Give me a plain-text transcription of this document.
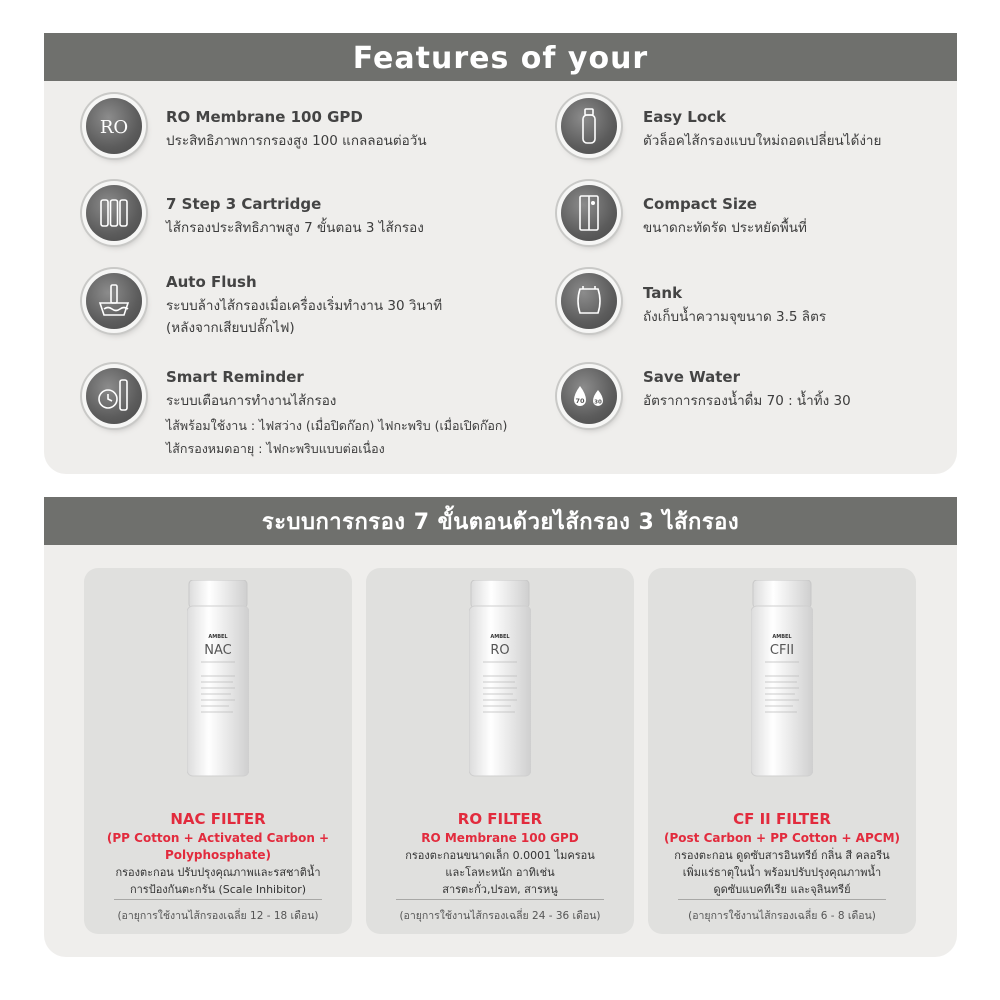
Features of your
RO	RO Membrane 100 GPD
ประสิทธิภาพการกรองสูง 100 แกลลอนต่อวัน
7 Step 3 Cartridge
ไส้กรองประสิทธิภาพสูง 7 ขั้นตอน 3 ไส้กรอง
Auto Flush
ระบบล้างไส้กรองเมื่อเครื่องเริ่มทำงาน 30 วินาที
(หลังจากเสียบปลั๊กไฟ)
Smart Reminder
ระบบเตือนการทำงานไส้กรอง
ไส้พร้อมใช้งาน : ไฟสว่าง (เมื่อปิดก๊อก) ไฟกะพริบ (เมื่อเปิดก๊อก)
ไส้กรองหมดอายุ : ไฟกะพริบแบบต่อเนื่อง
Easy Lock
ตัวล็อคไส้กรองแบบใหม่ถอดเปลี่ยนได้ง่าย
Compact Size
ขนาดกะทัดรัด ประหยัดพื้นที่
Tank
ถังเก็บน้ำความจุขนาด 3.5 ลิตร
70 30
Save Water
อัตราการกรองน้ำดื่ม 70 : น้ำทิ้ง 30
ระบบการกรอง 7 ขั้นตอนด้วยไส้กรอง 3 ไส้กรอง
AMBEL
NAC
NAC FILTER
(PP Cotton + Activated Carbon +
Polyphosphate)
กรองตะกอน ปรับปรุงคุณภาพและรสชาติน้ำ
การป้องกันตะกรัน (Scale Inhibitor)
(อายุการใช้งานไส้กรองเฉลี่ย 12 - 18 เดือน)
AMBEL
RO
RO FILTER
RO Membrane 100 GPD
กรองตะกอนขนาดเล็ก 0.0001 ไมครอน
และโลหะหนัก อาทิเช่น
สารตะกั่ว,ปรอท, สารหนู
(อายุการใช้งานไส้กรองเฉลี่ย 24 - 36 เดือน)
AMBEL
CFII
CF II FILTER
(Post Carbon + PP Cotton + APCM)
กรองตะกอน ดูดซับสารอินทรีย์ กลิ่น สี คลอรีน
เพิ่มแร่ธาตุในน้ำ พร้อมปรับปรุงคุณภาพน้ำ
ดูดซับแบคทีเรีย และจุลินทรีย์
(อายุการใช้งานไส้กรองเฉลี่ย 6 - 8 เดือน)
